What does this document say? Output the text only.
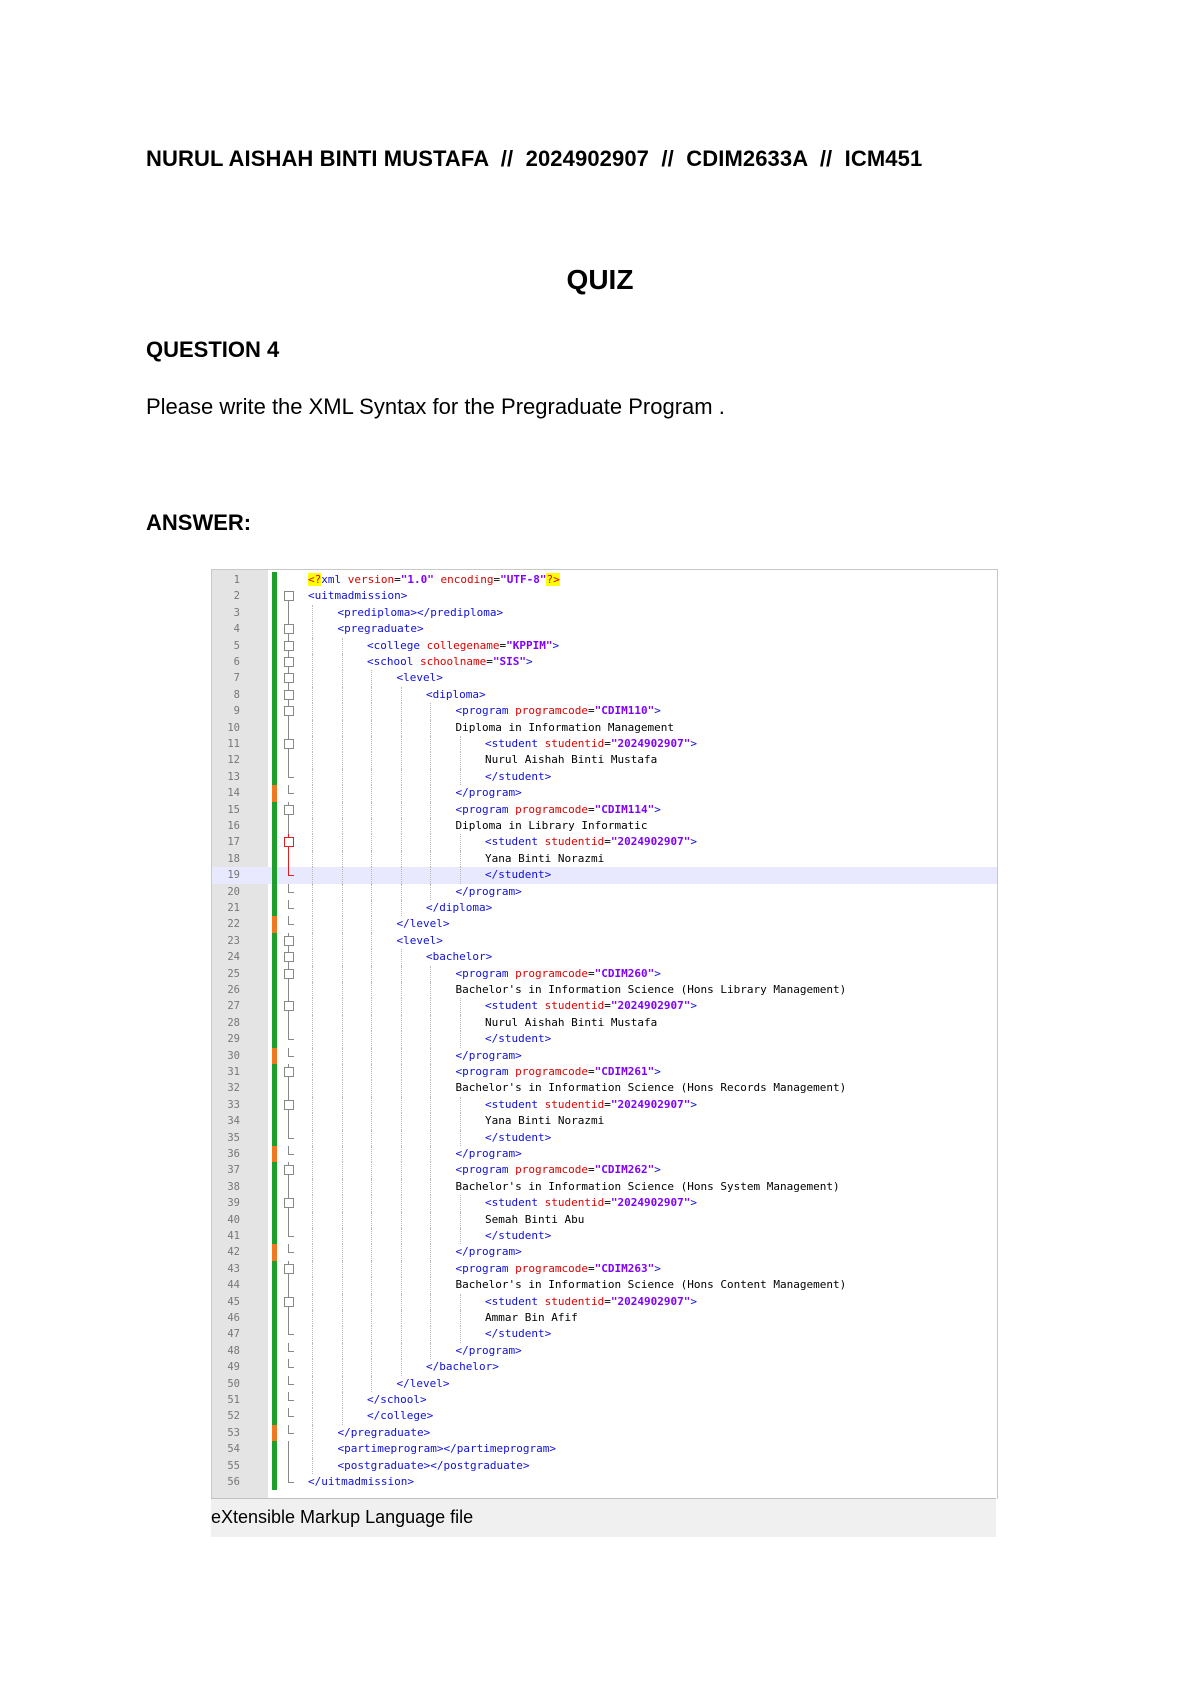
NURUL AISHAH BINTI MUSTAFA  //  2024902907  //  CDIM2633A  //  ICM451
QUIZ
QUESTION 4
Please write the XML Syntax for the Pregraduate Program .
ANSWER:
1	<?xml version="1.0" encoding="UTF-8"?>
2	<uitmadmission>
3	<prediploma></prediploma>
4	<pregraduate>
5	<college collegename="KPPIM">
6	<school schoolname="SIS">
7	<level>
8	<diploma>
9	<program programcode="CDIM110">
10	Diploma in Information Management
11	<student studentid="2024902907">
12	Nurul Aishah Binti Mustafa
13	</student>
14	</program>
15	<program programcode="CDIM114">
16	Diploma in Library Informatic
17	<student studentid="2024902907">
18	Yana Binti Norazmi
19	</student>
20	</program>
21	</diploma>
22	</level>
23	<level>
24	<bachelor>
25	<program programcode="CDIM260">
26	Bachelor's in Information Science (Hons Library Management)
27	<student studentid="2024902907">
28	Nurul Aishah Binti Mustafa
29	</student>
30	</program>
31	<program programcode="CDIM261">
32	Bachelor's in Information Science (Hons Records Management)
33	<student studentid="2024902907">
34	Yana Binti Norazmi
35	</student>
36	</program>
37	<program programcode="CDIM262">
38	Bachelor's in Information Science (Hons System Management)
39	<student studentid="2024902907">
40	Semah Binti Abu
41	</student>
42	</program>
43	<program programcode="CDIM263">
44	Bachelor's in Information Science (Hons Content Management)
45	<student studentid="2024902907">
46	Ammar Bin Afif
47	</student>
48	</program>
49	</bachelor>
50	</level>
51	</school>
52	</college>
53	</pregraduate>
54	<partimeprogram></partimeprogram>
55	<postgraduate></postgraduate>
56	</uitmadmission>
eXtensible Markup Language file
